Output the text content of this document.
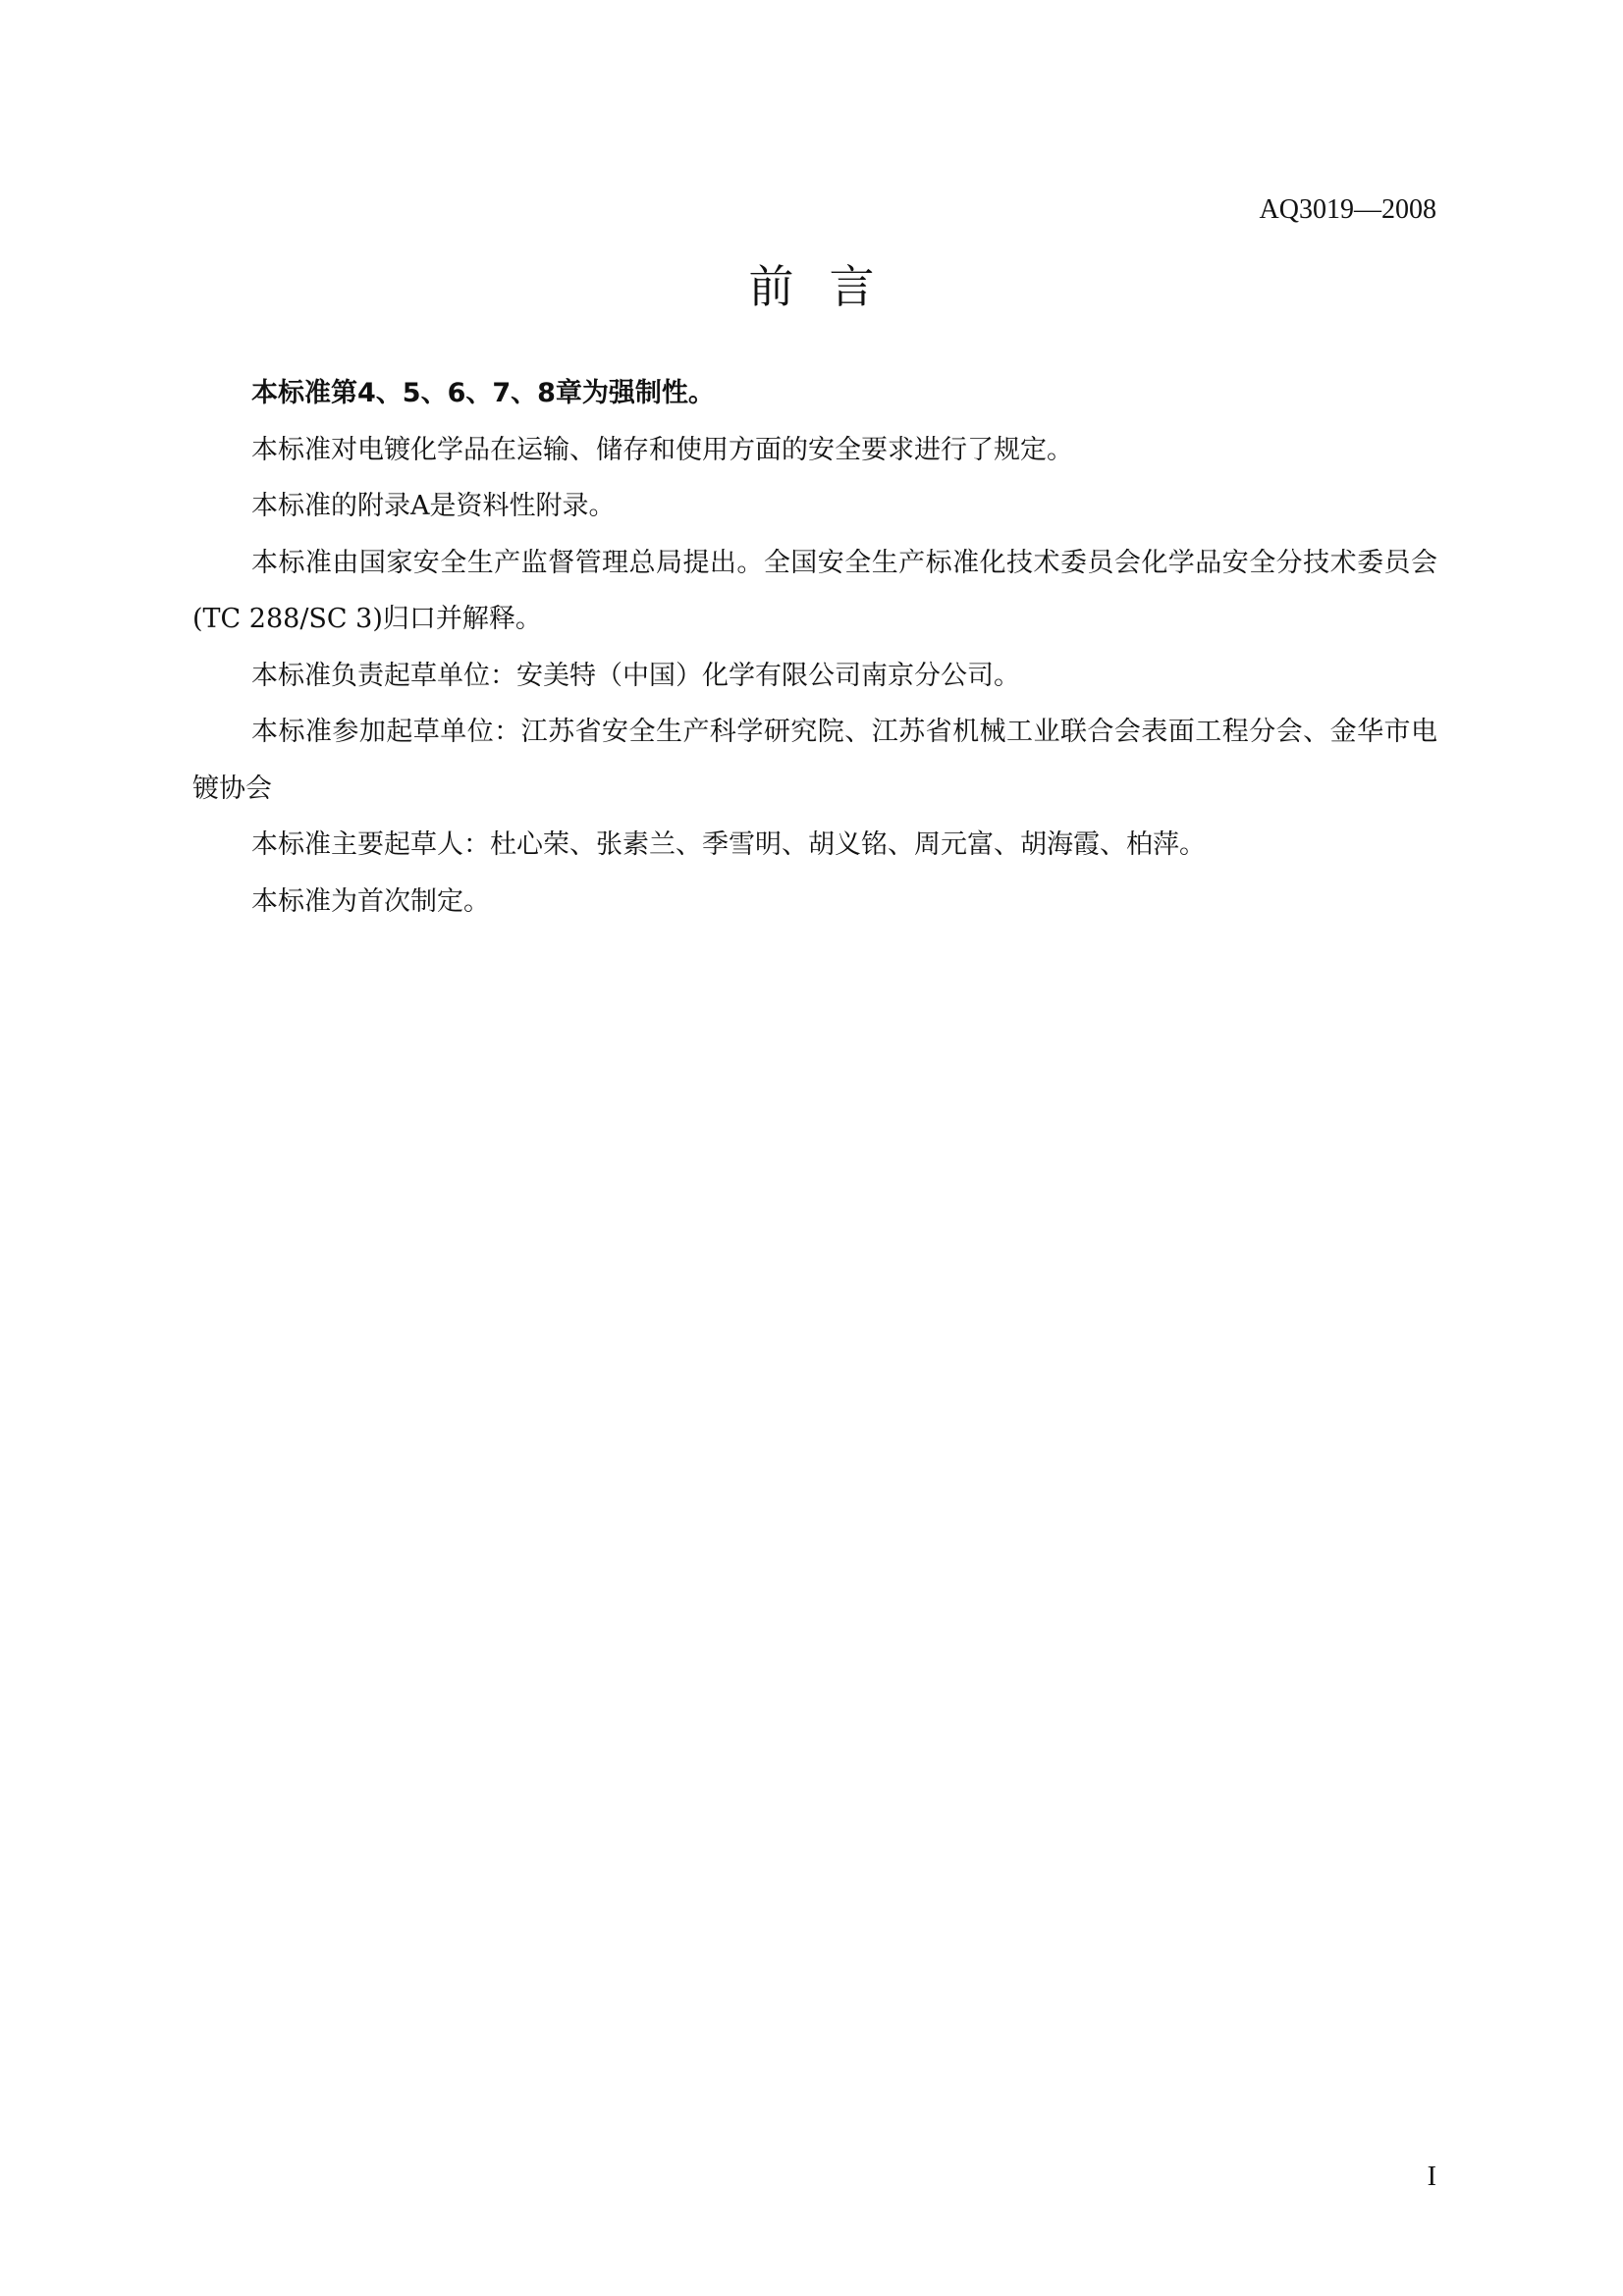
AQ3019—2008
前言

本标准第4、5、6、7、8章为强制性。

本标准对电镀化学品在运输、储存和使用方面的安全要求进行了规定。

本标准的附录A是资料性附录。

本标准由国家安全生产监督管理总局提出。全国安全生产标准化技术委员会化学品安全分技术委员会(TC 288/SC 3)归口并解释。

本标准负责起草单位：安美特（中国）化学有限公司南京分公司。

本标准参加起草单位：江苏省安全生产科学研究院、江苏省机械工业联合会表面工程分会、金华市电镀协会

本标准主要起草人：杜心荣、张素兰、季雪明、胡义铭、周元富、胡海霞、柏萍。

本标准为首次制定。

I
